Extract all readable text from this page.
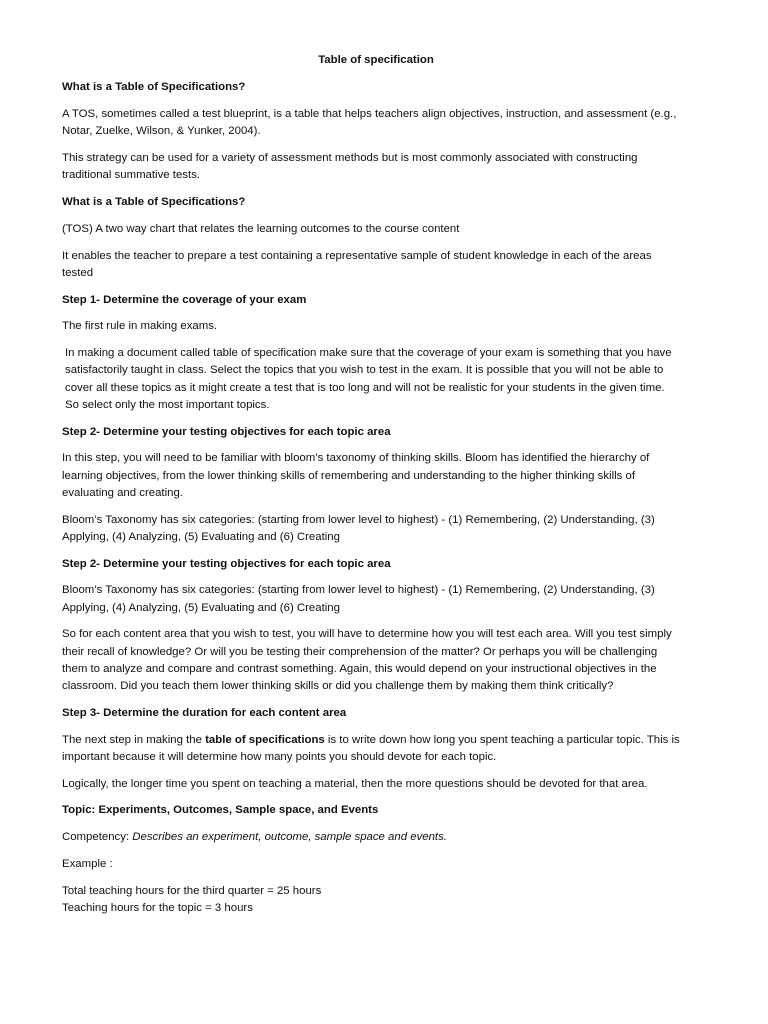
Table of specification
What is a Table of Specifications?
A TOS, sometimes called a test blueprint, is a table that helps teachers align objectives, instruction, and assessment (e.g., Notar, Zuelke, Wilson, & Yunker, 2004).
This strategy can be used for a variety of assessment methods but is most commonly associated with constructing traditional summative tests.
What is a Table of Specifications?
(TOS) A two way chart that relates the learning outcomes to the course content
It enables the teacher to prepare a test containing a representative sample of student knowledge in each of the areas tested
Step 1- Determine the coverage of your exam
The first rule in making exams.
In making a document called table of specification make sure that the coverage of your exam is something that you have satisfactorily taught in class. Select the topics that you wish to test in the exam. It is possible that you will not be able to cover all these topics as it might create a test that is too long and will not be realistic for your students in the given time. So select only the most important topics.
Step 2- Determine your testing objectives for each topic area
In this step, you will need to be familiar with bloom’s taxonomy of thinking skills. Bloom has identified the hierarchy of learning objectives, from the lower thinking skills of remembering and understanding to the higher thinking skills of evaluating and creating.
Bloom’s Taxonomy has six categories: (starting from lower level to highest) - (1) Remembering, (2) Understanding, (3) Applying, (4) Analyzing, (5) Evaluating and (6) Creating
Step 2- Determine your testing objectives for each topic area
Bloom’s Taxonomy has six categories: (starting from lower level to highest) - (1) Remembering, (2) Understanding, (3) Applying, (4) Analyzing, (5) Evaluating and (6) Creating
So for each content area that you wish to test, you will have to determine how you will test each area. Will you test simply their recall of knowledge? Or will you be testing their comprehension of the matter? Or perhaps you will be challenging them to analyze and compare and contrast something. Again, this would depend on your instructional objectives in the classroom. Did you teach them lower thinking skills or did you challenge them by making them think critically?
Step 3- Determine the duration for each content area
The next step in making the table of specifications is to write down how long you spent teaching a particular topic. This is important because it will determine how many points you should devote for each topic.
Logically, the longer time you spent on teaching a material, then the more questions should be devoted for that area.
Topic: Experiments, Outcomes, Sample space, and Events
Competency: Describes an experiment, outcome, sample space and events.
Example :
Total teaching hours for the third quarter = 25 hours
Teaching hours for the topic = 3 hours
